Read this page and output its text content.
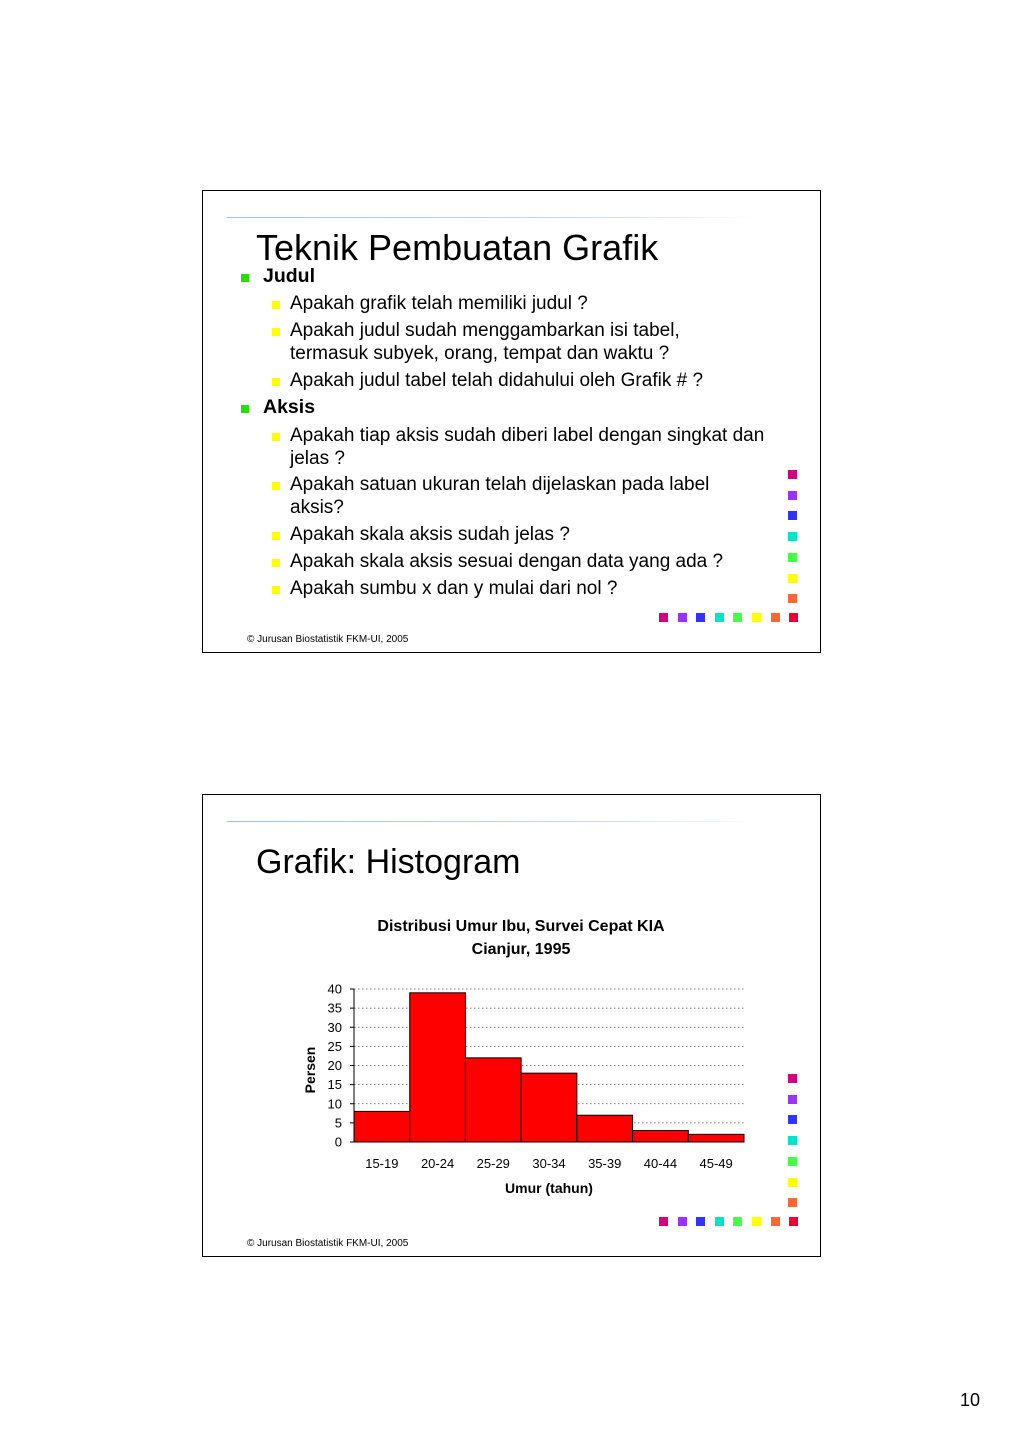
Teknik Pembuatan Grafik
Judul
Apakah grafik telah memiliki judul ?
Apakah judul sudah menggambarkan isi tabel, termasuk subyek, orang, tempat dan waktu ?
Apakah judul tabel telah didahului oleh Grafik # ?
Aksis
Apakah tiap aksis sudah diberi label dengan singkat dan jelas ?
Apakah satuan ukuran telah dijelaskan pada label aksis?
Apakah skala aksis sudah jelas ?
Apakah skala aksis sesuai dengan data yang ada ?
Apakah sumbu x dan y mulai dari nol ?
© Jurusan Biostatistik FKM-UI, 2005
Grafik: Histogram
Distribusi Umur Ibu, Survei Cepat KIA
Cianjur, 1995
0
5
10
15
20
25
30
35
40
15-19 20-24 25-29 30-34 35-39 40-44 45-49
Umur (tahun)
Persen
© Jurusan Biostatistik FKM-UI, 2005
10
